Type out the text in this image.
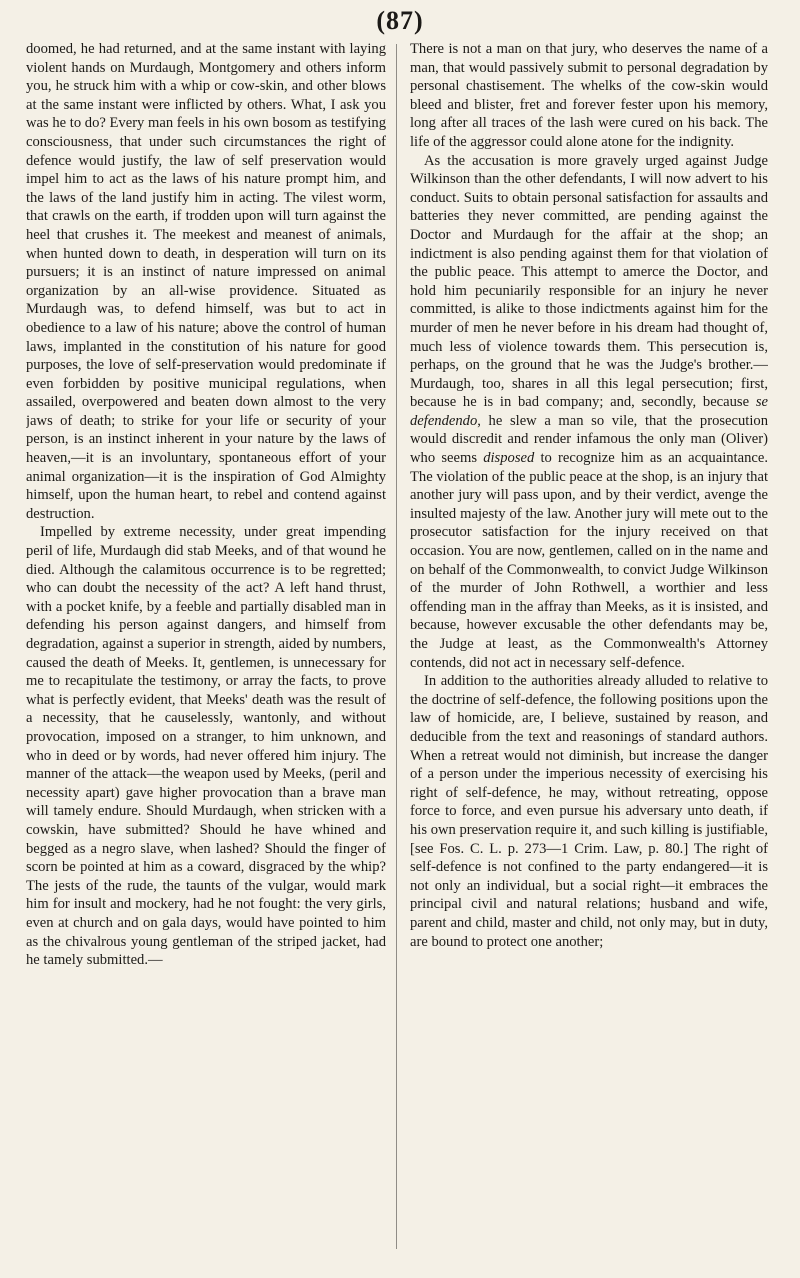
(87)

doomed, he had returned, and at the same instant with laying violent hands on Murdaugh, Montgomery and others inform you, he struck him with a whip or cow-skin, and other blows at the same instant were inflicted by others. What, I ask you was he to do? Every man feels in his own bosom as testifying consciousness, that under such circumstances the right of defence would justify, the law of self preservation would impel him to act as the laws of his nature prompt him, and the laws of the land justify him in acting. The vilest worm, that crawls on the earth, if trodden upon will turn against the heel that crushes it. The meekest and meanest of animals, when hunted down to death, in desperation will turn on its pursuers; it is an instinct of nature impressed on animal organization by an all-wise providence. Situated as Murdaugh was, to defend himself, was but to act in obedience to a law of his nature; above the control of human laws, implanted in the constitution of his nature for good purposes, the love of self-preservation would predominate if even forbidden by positive municipal regulations, when assailed, overpowered and beaten down almost to the very jaws of death; to strike for your life or security of your person, is an instinct inherent in your nature by the laws of heaven,—it is an involuntary, spontaneous effort of your animal organization—it is the inspiration of God Almighty himself, upon the human heart, to rebel and contend against destruction.

Impelled by extreme necessity, under great impending peril of life, Murdaugh did stab Meeks, and of that wound he died. Although the calamitous occurrence is to be regretted; who can doubt the necessity of the act? A left hand thrust, with a pocket knife, by a feeble and partially disabled man in defending his person against dangers, and himself from degradation, against a superior in strength, aided by numbers, caused the death of Meeks. It, gentlemen, is unnecessary for me to recapitulate the testimony, or array the facts, to prove what is perfectly evident, that Meeks' death was the result of a necessity, that he causelessly, wantonly, and without provocation, imposed on a stranger, to him unknown, and who in deed or by words, had never offered him injury. The manner of the attack—the weapon used by Meeks, (peril and necessity apart) gave higher provocation than a brave man will tamely endure. Should Murdaugh, when stricken with a cowskin, have submitted? Should he have whined and begged as a negro slave, when lashed? Should the finger of scorn be pointed at him as a coward, disgraced by the whip? The jests of the rude, the taunts of the vulgar, would mark him for insult and mockery, had he not fought: the very girls, even at church and on gala days, would have pointed to him as the chivalrous young gentleman of the striped jacket, had he tamely submitted.—

There is not a man on that jury, who deserves the name of a man, that would passively submit to personal degradation by personal chastisement. The whelks of the cow-skin would bleed and blister, fret and forever fester upon his memory, long after all traces of the lash were cured on his back. The life of the aggressor could alone atone for the indignity.

As the accusation is more gravely urged against Judge Wilkinson than the other defendants, I will now advert to his conduct. Suits to obtain personal satisfaction for assaults and batteries they never committed, are pending against the Doctor and Murdaugh for the affair at the shop; an indictment is also pending against them for that violation of the public peace. This attempt to amerce the Doctor, and hold him pecuniarily responsible for an injury he never committed, is alike to those indictments against him for the murder of men he never before in his dream had thought of, much less of violence towards them. This persecution is, perhaps, on the ground that he was the Judge's brother.— Murdaugh, too, shares in all this legal persecution; first, because he is in bad company; and, secondly, because se defendendo, he slew a man so vile, that the prosecution would discredit and render infamous the only man (Oliver) who seems disposed to recognize him as an acquaintance. The violation of the public peace at the shop, is an injury that another jury will pass upon, and by their verdict, avenge the insulted majesty of the law. Another jury will mete out to the prosecutor satisfaction for the injury received on that occasion. You are now, gentlemen, called on in the name and on behalf of the Commonwealth, to convict Judge Wilkinson of the murder of John Rothwell, a worthier and less offending man in the affray than Meeks, as it is insisted, and because, however excusable the other defendants may be, the Judge at least, as the Commonwealth's Attorney contends, did not act in necessary self-defence.

In addition to the authorities already alluded to relative to the doctrine of self-defence, the following positions upon the law of homicide, are, I believe, sustained by reason, and deducible from the text and reasonings of standard authors. When a retreat would not diminish, but increase the danger of a person under the imperious necessity of exercising his right of self-defence, he may, without retreating, oppose force to force, and even pursue his adversary unto death, if his own preservation require it, and such killing is justifiable, [see Fos. C. L. p. 273—1 Crim. Law, p. 80.] The right of self-defence is not confined to the party endangered—it is not only an individual, but a social right—it embraces the principal civil and natural relations; husband and wife, parent and child, master and child, not only may, but in duty, are bound to protect one another;
